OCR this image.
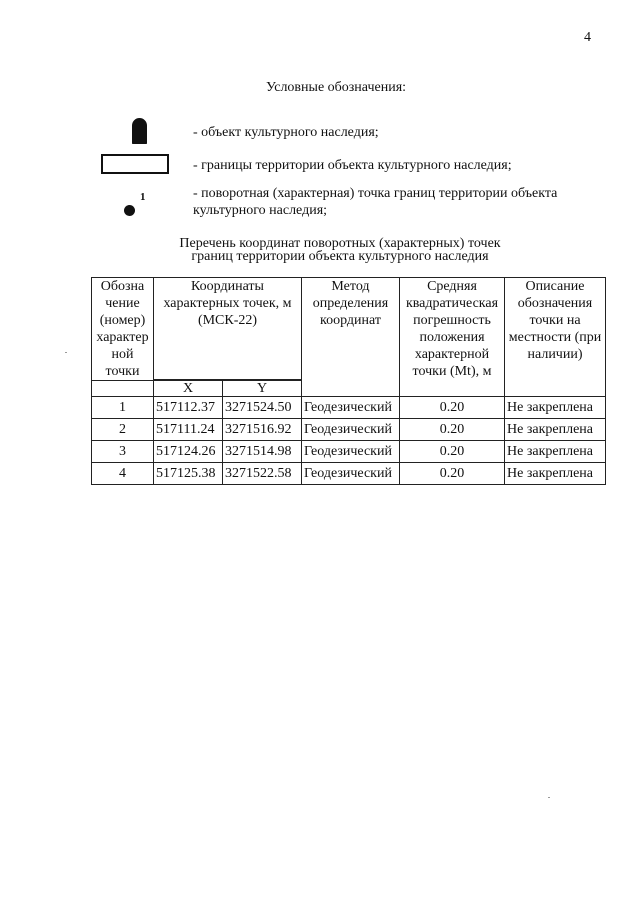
4
Условные обозначения:
- объект культурного наследия;
- границы территории объекта культурного наследия;
1	- поворотная (характерная) точка границ территории объекта культурного наследия;
Перечень координат поворотных (характерных) точек
границ территории объекта культурного наследия
Обозна чение (номер) характер ной точки	Координаты характерных точек, м (МСК-22)		Метод определения координат	Средняя квадратическая погрешность положения характерной точки (Mt), м	Описание обозначения точки на местности (при наличии)

	X	Y			
1	517112.37	3271524.50	Геодезический	0.20	Не закреплена
2	517111.24	3271516.92	Геодезический	0.20	Не закреплена
3	517124.26	3271514.98	Геодезический	0.20	Не закреплена
4	517125.38	3271522.58	Геодезический	0.20	Не закреплена
